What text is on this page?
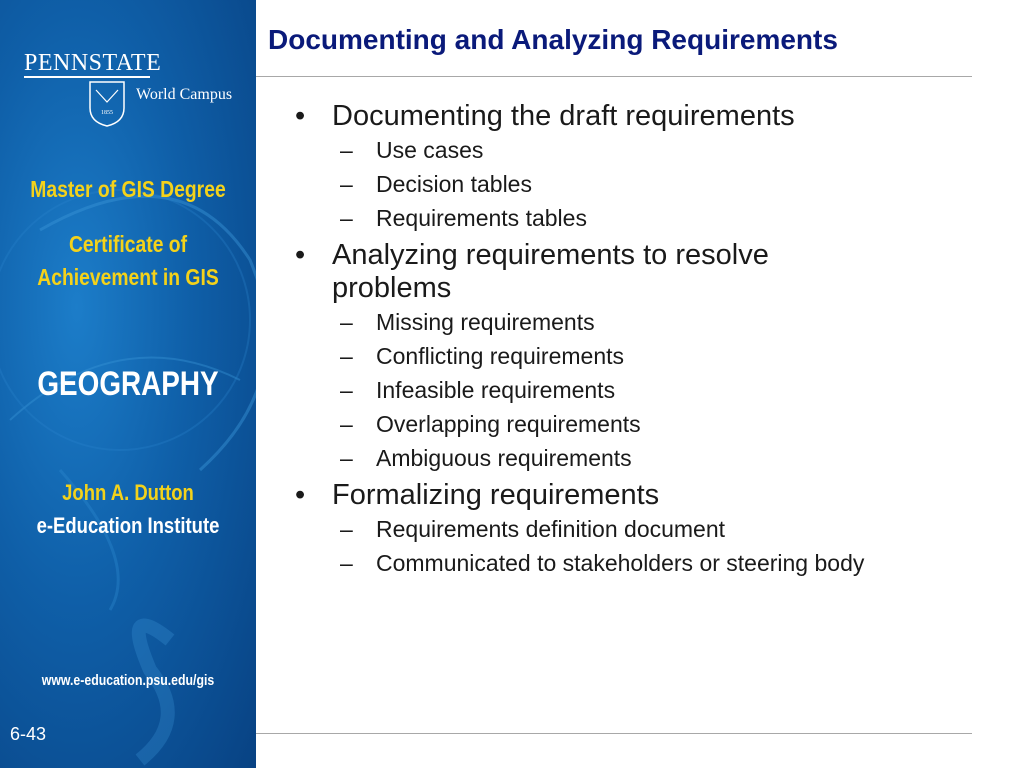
PENNSTATE
1855
World Campus
Master of GIS Degree
Certificate of
Achievement in GIS
GEOGRAPHY
John A. Dutton
e-Education Institute
www.e-education.psu.edu/gis
6-43
Documenting and Analyzing Requirements
• Documenting the draft requirements
– Use cases
– Decision tables
– Requirements tables
• Analyzing requirements to resolve
problems
– Missing requirements
– Conflicting requirements
– Infeasible requirements
– Overlapping requirements
– Ambiguous requirements
• Formalizing requirements
– Requirements definition document
– Communicated to stakeholders or steering body
